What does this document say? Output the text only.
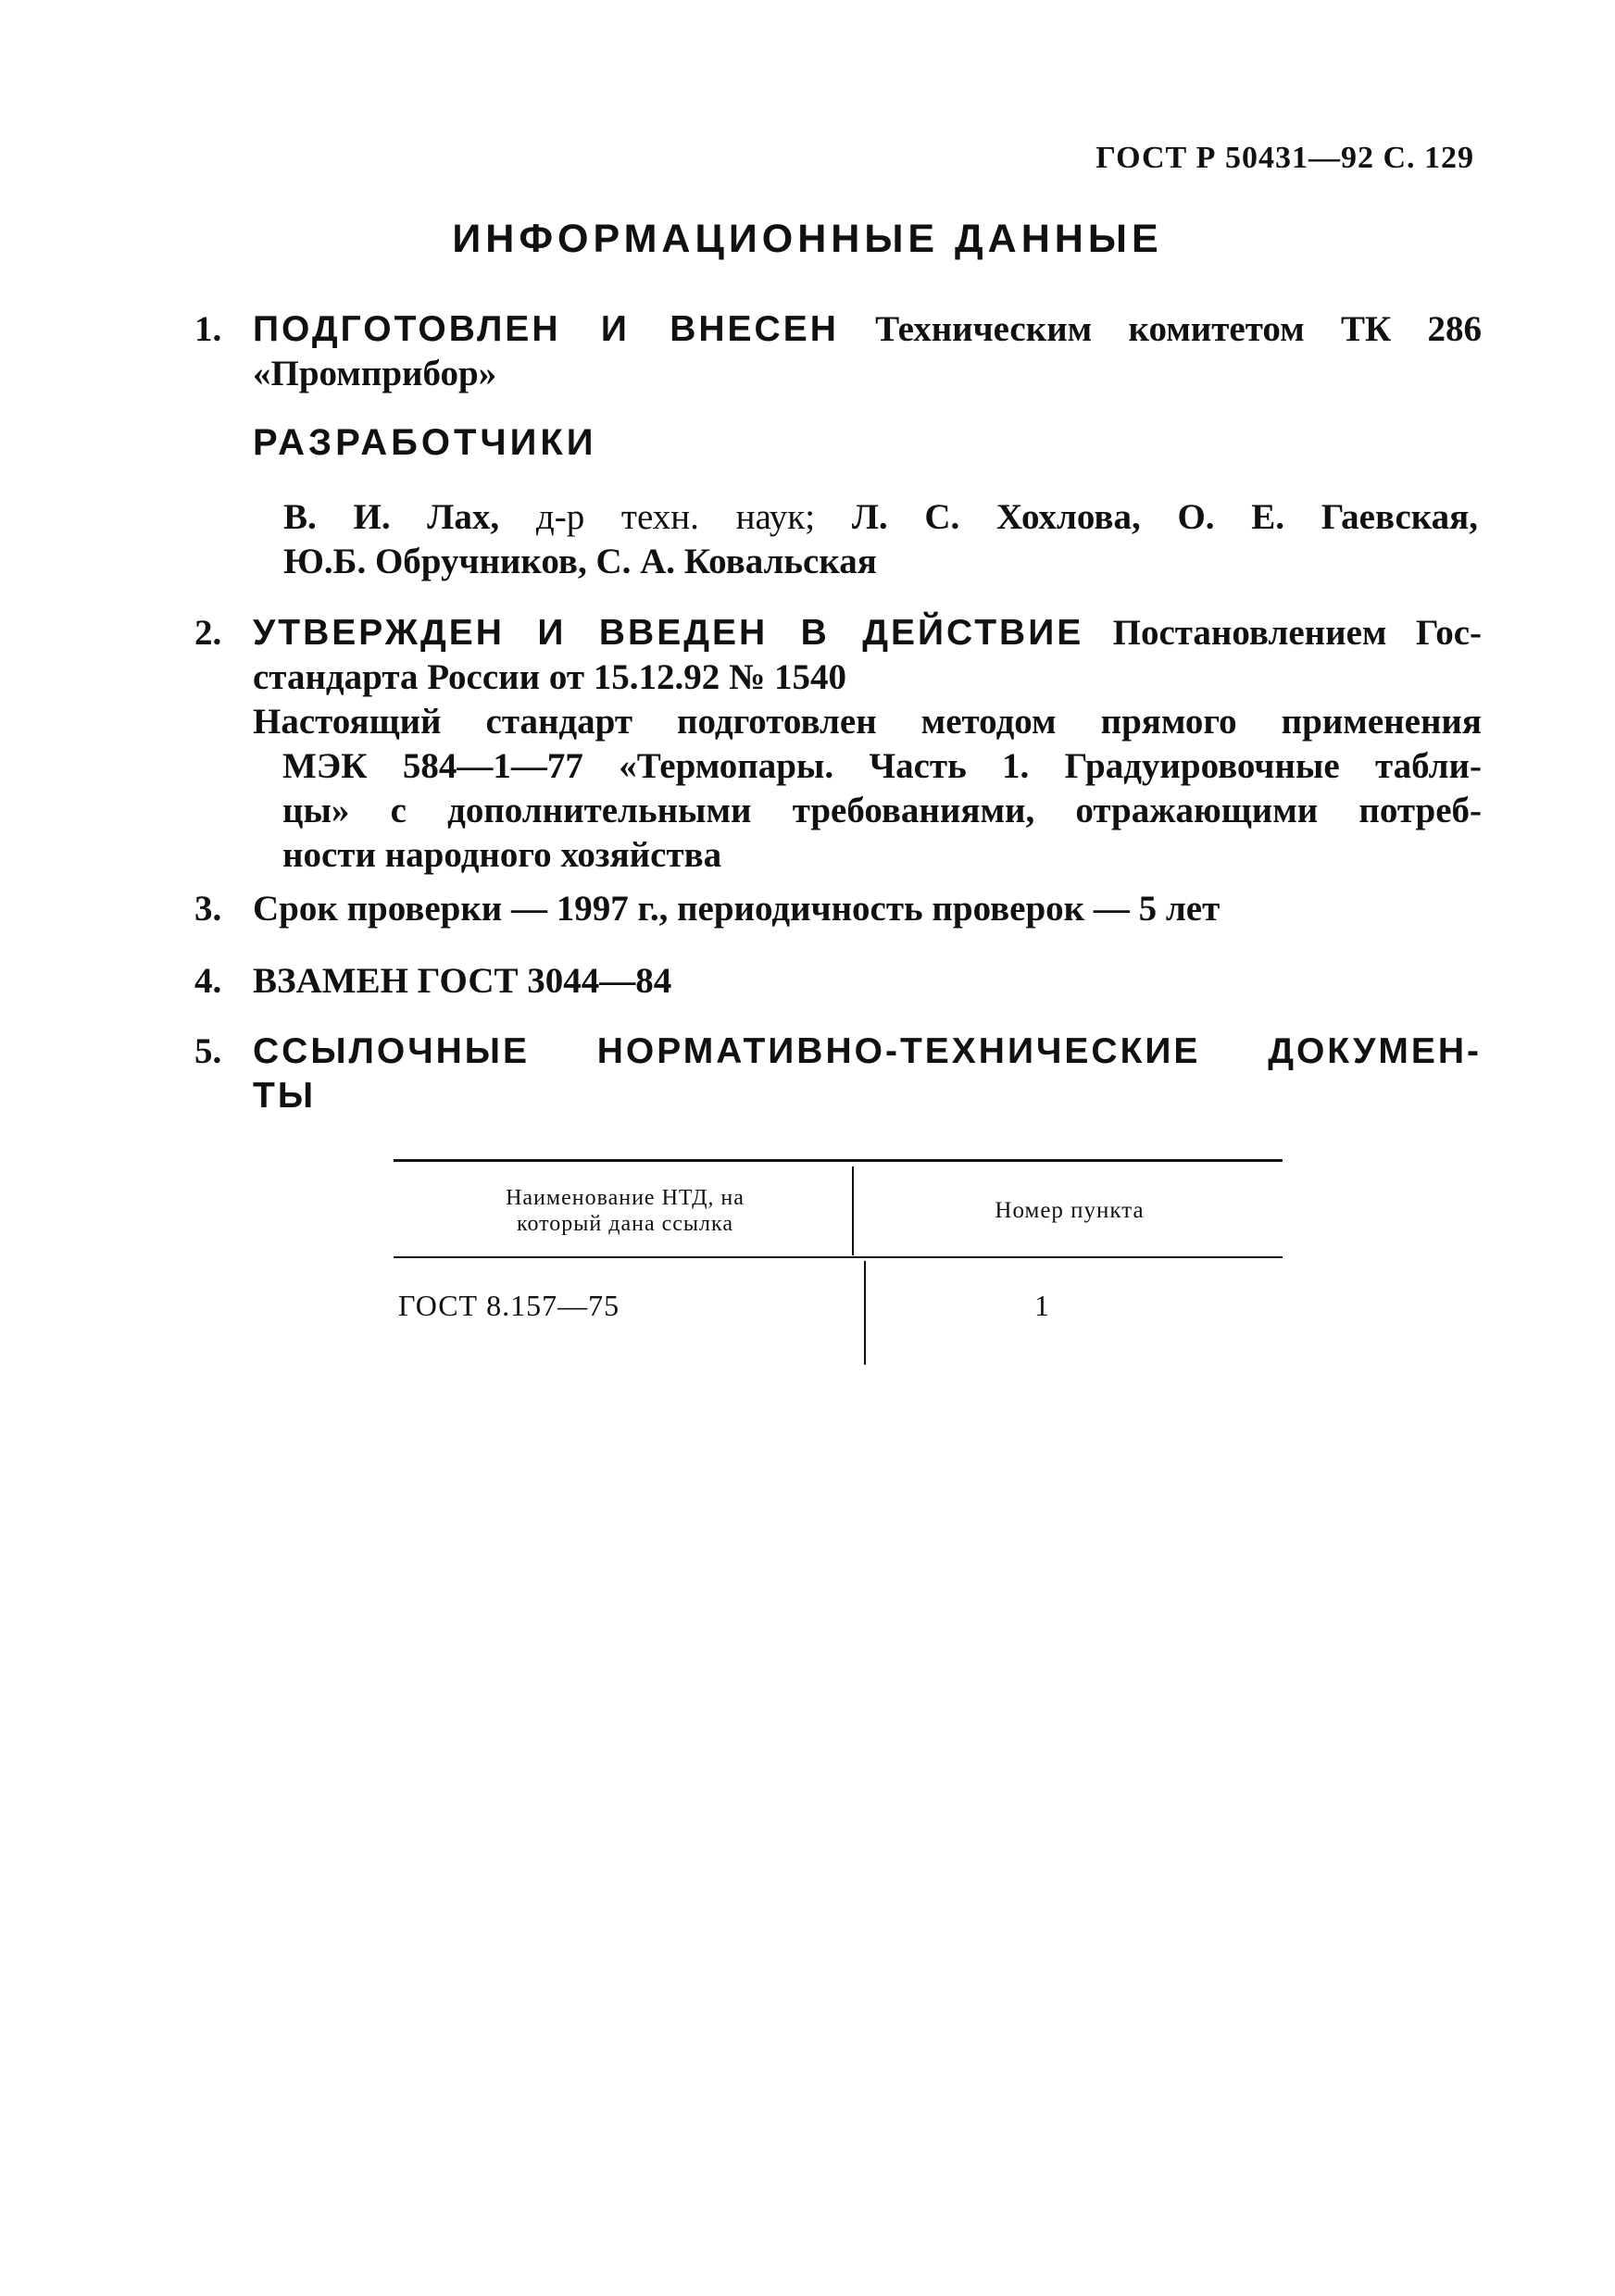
ГОСТ Р 50431—92 С. 129
ИНФОРМАЦИОННЫЕ ДАННЫЕ
1. ПОДГОТОВЛЕН И ВНЕСЕН Техническим комитетом ТК 286
«Промприбор»
РАЗРАБОТЧИКИ
В. И. Лах, д-р техн. наук; Л. С. Хохлова, О. Е. Гаевская,
Ю.Б. Обручников, С. А. Ковальская
2. УТВЕРЖДЕН И ВВЕДЕН В ДЕЙСТВИЕ Постановлением Гос-
стандарта России от 15.12.92 № 1540
Настоящий стандарт подготовлен методом прямого применения
МЭК 584—1—77 «Термопары. Часть 1. Градуировочные табли-
цы» с дополнительными требованиями, отражающими потреб-
ности народного хозяйства
3. Срок проверки — 1997 г., периодичность проверок — 5 лет
4. ВЗАМЕН ГОСТ 3044—84
5. ССЫЛОЧНЫЕ НОРМАТИВНО-ТЕХНИЧЕСКИЕ ДОКУМЕН-
ТЫ
Наименование НТД, на
который дана ссылка
Номер пункта
ГОСТ 8.157—75	1
